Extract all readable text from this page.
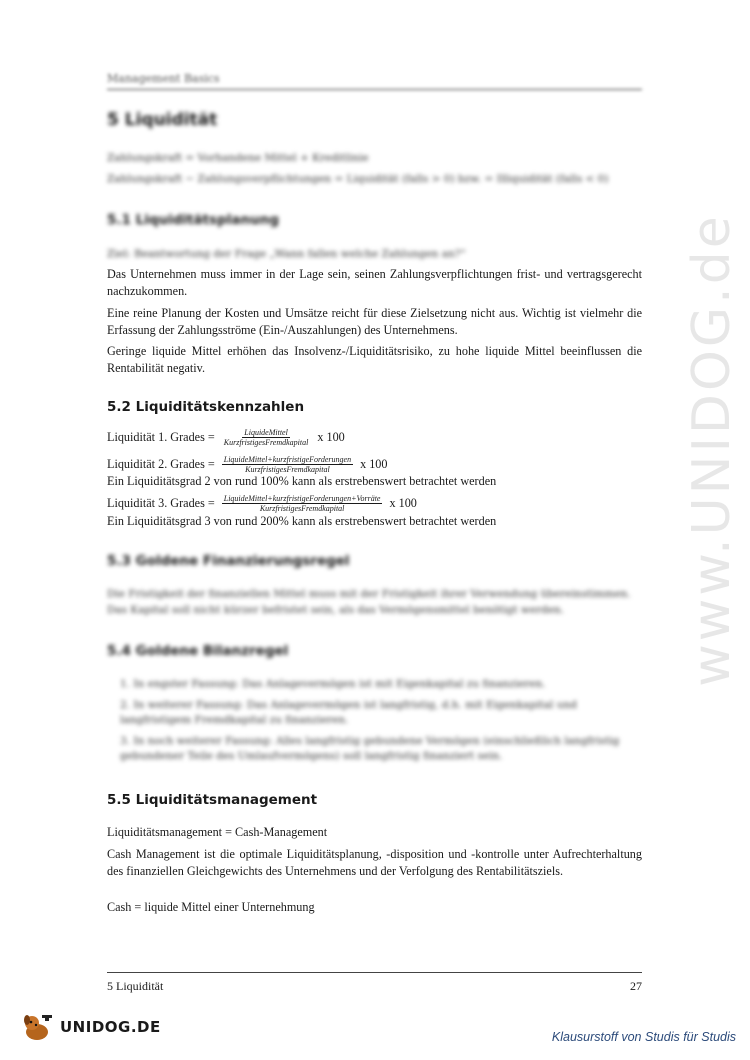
Management Basics
5 Liquidität
Zahlungskraft = Vorhandene Mittel + Kreditlinie
Zahlungskraft − Zahlungsverpflichtungen = Liquidität (falls > 0) bzw. = Illiquidität (falls < 0)
5.1 Liquiditätsplanung
Ziel: Beantwortung der Frage „Wann fallen welche Zahlungen an?“
Das Unternehmen muss immer in der Lage sein, seinen Zahlungsverpflichtungen frist- und vertragsgerecht nachzukommen.
Eine reine Planung der Kosten und Umsätze reicht für diese Zielsetzung nicht aus. Wichtig ist vielmehr die Erfassung der Zahlungsströme (Ein-/Auszahlungen) des Unternehmens.
Geringe liquide Mittel erhöhen das Insolvenz-/Liquiditätsrisiko, zu hohe liquide Mittel beeinflussen die Rentabilität negativ.
5.2 Liquiditätskennzahlen
Liquidität 1. Grades = $\frac{\text{LiquideMittel}}{\text{KurzfristigesFremdkapital}}$ x 100
Liquidität 2. Grades = $\frac{\text{LiquideMittel+kurzfristigeForderungen}}{\text{KurzfristigesFremdkapital}}$ x 100
Ein Liquiditätsgrad 2 von rund 100% kann als erstrebenswert betrachtet werden
Liquidität 3. Grades = $\frac{\text{LiquideMittel+kurzfristigeForderungen+Vorräte}}{\text{KurzfristigesFremdkapital}}$ x 100
Ein Liquiditätsgrad 3 von rund 200% kann als erstrebenswert betrachtet werden
5.3 Goldene Finanzierungsregel
Die Fristigkeit der finanziellen Mittel muss mit der Fristigkeit ihrer Verwendung übereinstimmen.
Das Kapital soll nicht kürzer befristet sein, als das Vermögensmittel benötigt werden.
5.4 Goldene Bilanzregel
1. In engster Fassung: Das Anlagevermögen ist mit Eigenkapital zu finanzieren.
2. In weiterer Fassung: Das Anlagevermögen ist langfristig, d.h. mit Eigenkapital und langfristigem Fremdkapital zu finanzieren.
3. In noch weiterer Fassung: Alles langfristig gebundene Vermögen (einschließlich langfristig gebundener Teile des Umlaufvermögens) soll langfristig finanziert sein.
5.5 Liquiditätsmanagement
Liquiditätsmanagement = Cash-Management
Cash Management ist die optimale Liquiditätsplanung, -disposition und -kontrolle unter Aufrechterhaltung des finanziellen Gleichgewichts des Unternehmens und der Verfolgung des Rentabilitätsziels.
Cash = liquide Mittel einer Unternehmung
5 Liquidität	27
www.UNIDOG.de
UNIDOG.DE
Klausurstoff von Studis für Studis
